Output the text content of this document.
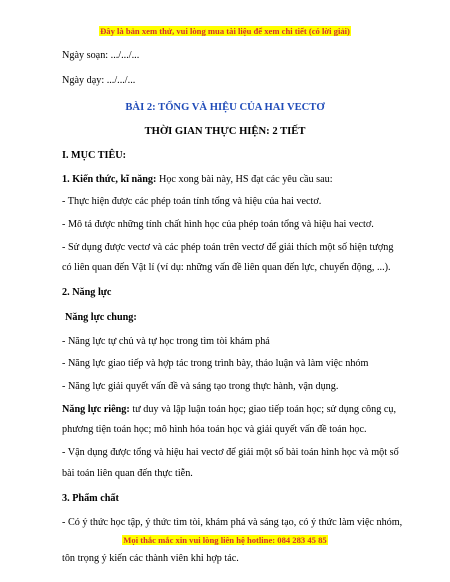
Đây là bản xem thử, vui lòng mua tài liệu để xem chi tiết (có lời giải)
Ngày soạn: .../.../...
Ngày dạy: .../.../...
BÀI 2: TỔNG VÀ HIỆU CỦA HAI VECTƠ
THỜI GIAN THỰC HIỆN: 2 TIẾT
I. MỤC TIÊU:
1. Kiến thức, kĩ năng: Học xong bài này, HS đạt các yêu cầu sau:
- Thực hiện được các phép toán tính tổng và hiệu của hai vectơ.
- Mô tả được những tính chất hình học của phép toán tổng và hiệu hai vectơ.
- Sử dụng được vectơ và các phép toán trên vectơ để giải thích một số hiện tượng
có liên quan đến Vật lí (ví dụ: những vấn đề liên quan đến lực, chuyển động, ...).
2. Năng lực
Năng lực chung:
- Năng lực tự chủ và tự học trong tìm tòi khám phá
- Năng lực giao tiếp và hợp tác trong trình bày, thảo luận và làm việc nhóm
- Năng lực giải quyết vấn đề và sáng tạo trong thực hành, vận dụng.
Năng lực riêng: tư duy và lập luận toán học; giao tiếp toán học; sử dụng công cụ,
phương tiện toán học; mô hình hóa toán học và giải quyết vấn đề toán học.
- Vận dụng được tổng và hiệu hai vectơ để giải một số bài toán hình học và một số
bài toán liên quan đến thực tiễn.
3. Phẩm chất
- Có ý thức học tập, ý thức tìm tòi, khám phá và sáng tạo, có ý thức làm việc nhóm,
Mọi thắc mắc xin vui lòng liên hệ hotline: 084 283 45 85
tôn trọng ý kiến các thành viên khi hợp tác.
